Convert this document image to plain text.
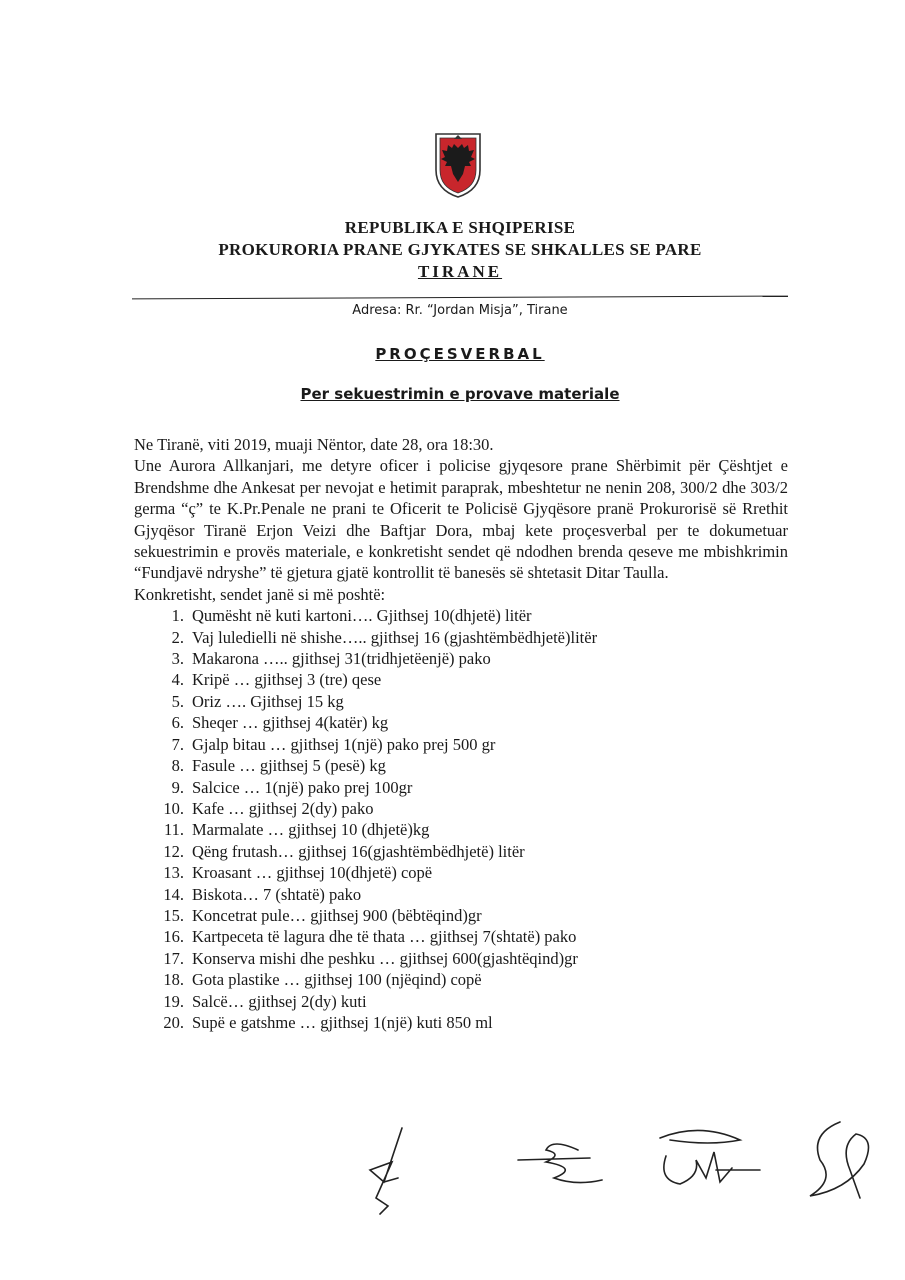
REPUBLIKA E SHQIPERISE
PROKURORIA PRANE GJYKATES SE SHKALLES SE PARE
TIRANE
Adresa: Rr. “Jordan Misja”, Tirane
PROÇESVERBAL
Per sekuestrimin e provave materiale

Ne Tiranë, viti 2019, muaji Nëntor, date 28, ora 18:30.

Une Aurora Allkanjari, me detyre oficer i policise gjyqesore prane Shërbimit për Çështjet e Brendshme dhe Ankesat per nevojat e hetimit paraprak, mbeshtetur ne nenin 208, 300/2 dhe 303/2 germa “ç” te K.Pr.Penale ne prani te Oficerit te Policisë Gjyqësore pranë Prokurorisë së Rrethit Gjyqësor Tiranë Erjon Veizi dhe Baftjar Dora, mbaj kete proçesverbal per te dokumetuar sekuestrimin e provës materiale, e konkretisht sendet që ndodhen brenda qeseve me mbishkrimin “Fundjavë ndryshe” të gjetura gjatë kontrollit të banesës së shtetasit Ditar Taulla.

Konkretisht, sendet janë si më poshtë:

1. Qumësht në kuti kartoni…. Gjithsej 10(dhjetë) litër
2. Vaj luledielli në shishe….. gjithsej 16 (gjashtëmbëdhjetë)litër
3. Makarona ….. gjithsej 31(tridhjetëenjë) pako
4. Kripë … gjithsej 3 (tre) qese
5. Oriz …. Gjithsej 15 kg
6. Sheqer … gjithsej 4(katër) kg
7. Gjalp bitau … gjithsej 1(një) pako prej 500 gr
8. Fasule … gjithsej 5 (pesë) kg
9. Salcice … 1(një) pako prej 100gr
10. Kafe … gjithsej 2(dy) pako
11. Marmalate … gjithsej 10 (dhjetë)kg
12. Qëng frutash… gjithsej 16(gjashtëmbëdhjetë) litër
13. Kroasant … gjithsej 10(dhjetë) copë
14. Biskota… 7 (shtatë) pako
15. Koncetrat pule… gjithsej 900 (bëbtëqind)gr
16. Kartpeceta të lagura dhe të thata … gjithsej 7(shtatë) pako
17. Konserva mishi dhe peshku … gjithsej 600(gjashtëqind)gr
18. Gota plastike … gjithsej 100 (njëqind) copë
19. Salcë… gjithsej 2(dy) kuti
20. Supë e gatshme … gjithsej 1(një) kuti 850 ml
